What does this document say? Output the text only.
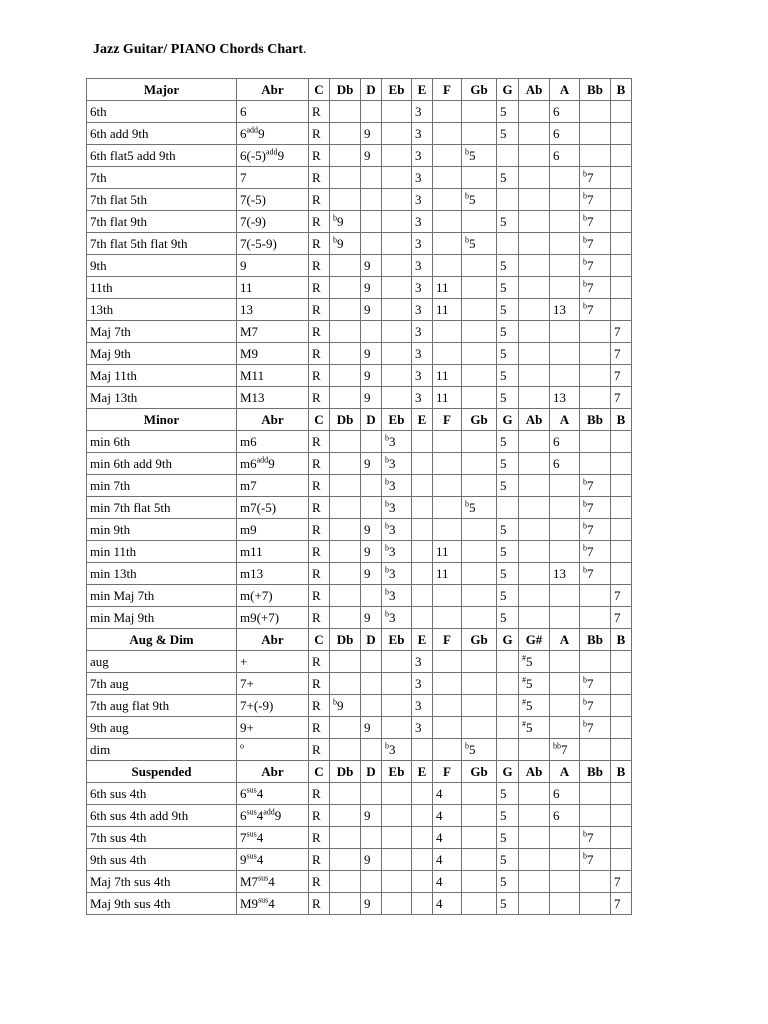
Jazz Guitar/ PIANO Chords Chart.
Major	Abr	C	Db	D	Eb	E	F	Gb	G	Ab	A	Bb	B
6th	6	R				3			5		6		
6th add 9th	$6^{add}9$	R		9		3			5		6		
6th flat5 add 9th	$6(-5)^{add}9$	R		9		3		$^b$5			6		
7th	7	R				3			5			$^b$7	
7th flat 5th	7(-5)	R				3		$^b$5				$^b$7	
7th flat 9th	7(-9)	R	$^b$9			3			5			$^b$7	
7th flat 5th flat 9th	7(-5-9)	R	$^b$9			3		$^b$5				$^b$7	
9th	9	R		9		3			5			$^b$7	
11th	11	R		9		3	11		5			$^b$7	
13th	13	R		9		3	11		5		13	$^b$7	
Maj 7th	M7	R				3			5				7
Maj 9th	M9	R		9		3			5				7
Maj 11th	M11	R		9		3	11		5				7
Maj 13th	M13	R		9		3	11		5		13		7
Minor	Abr	C	Db	D	Eb	E	F	Gb	G	Ab	A	Bb	B
min 6th	m6	R			$^b$3				5		6		
min 6th add 9th	$m6^{add}9$	R		9	$^b$3				5		6		
min 7th	m7	R			$^b$3				5			$^b$7	
min 7th flat 5th	m7(-5)	R			$^b$3			$^b$5				$^b$7	
min 9th	m9	R		9	$^b$3				5			$^b$7	
min 11th	m11	R		9	$^b$3		11		5			$^b$7	
min 13th	m13	R		9	$^b$3		11		5		13	$^b$7	
min Maj 7th	m(+7)	R			$^b$3				5				7
min Maj 9th	m9(+7)	R		9	$^b$3				5				7
Aug & Dim	Abr	C	Db	D	Eb	E	F	Gb	G	G#	A	Bb	B
aug	+	R				3				#5			
7th aug	7+	R				3				#5		$^b$7	
7th aug flat 9th	7+(-9)	R	$^b$9			3				#5		$^b$7	
9th aug	9+	R		9		3				#5		$^b$7	
dim	$^o$	R			$^b$3			$^b$5			$^{bb}$7		
Suspended	Abr	C	Db	D	Eb	E	F	Gb	G	Ab	A	Bb	B
6th sus 4th	$6^{sus}4$	R					4		5		6		
6th sus 4th add 9th	$6^{sus}4^{add}9$	R		9			4		5		6		
7th sus 4th	$7^{sus}4$	R					4		5			$^b$7	
9th sus 4th	$9^{sus}4$	R		9			4		5			$^b$7	
Maj 7th sus 4th	$M7^{sus}4$	R					4		5				7
Maj 9th sus 4th	$M9^{sus}4$	R		9			4		5				7
